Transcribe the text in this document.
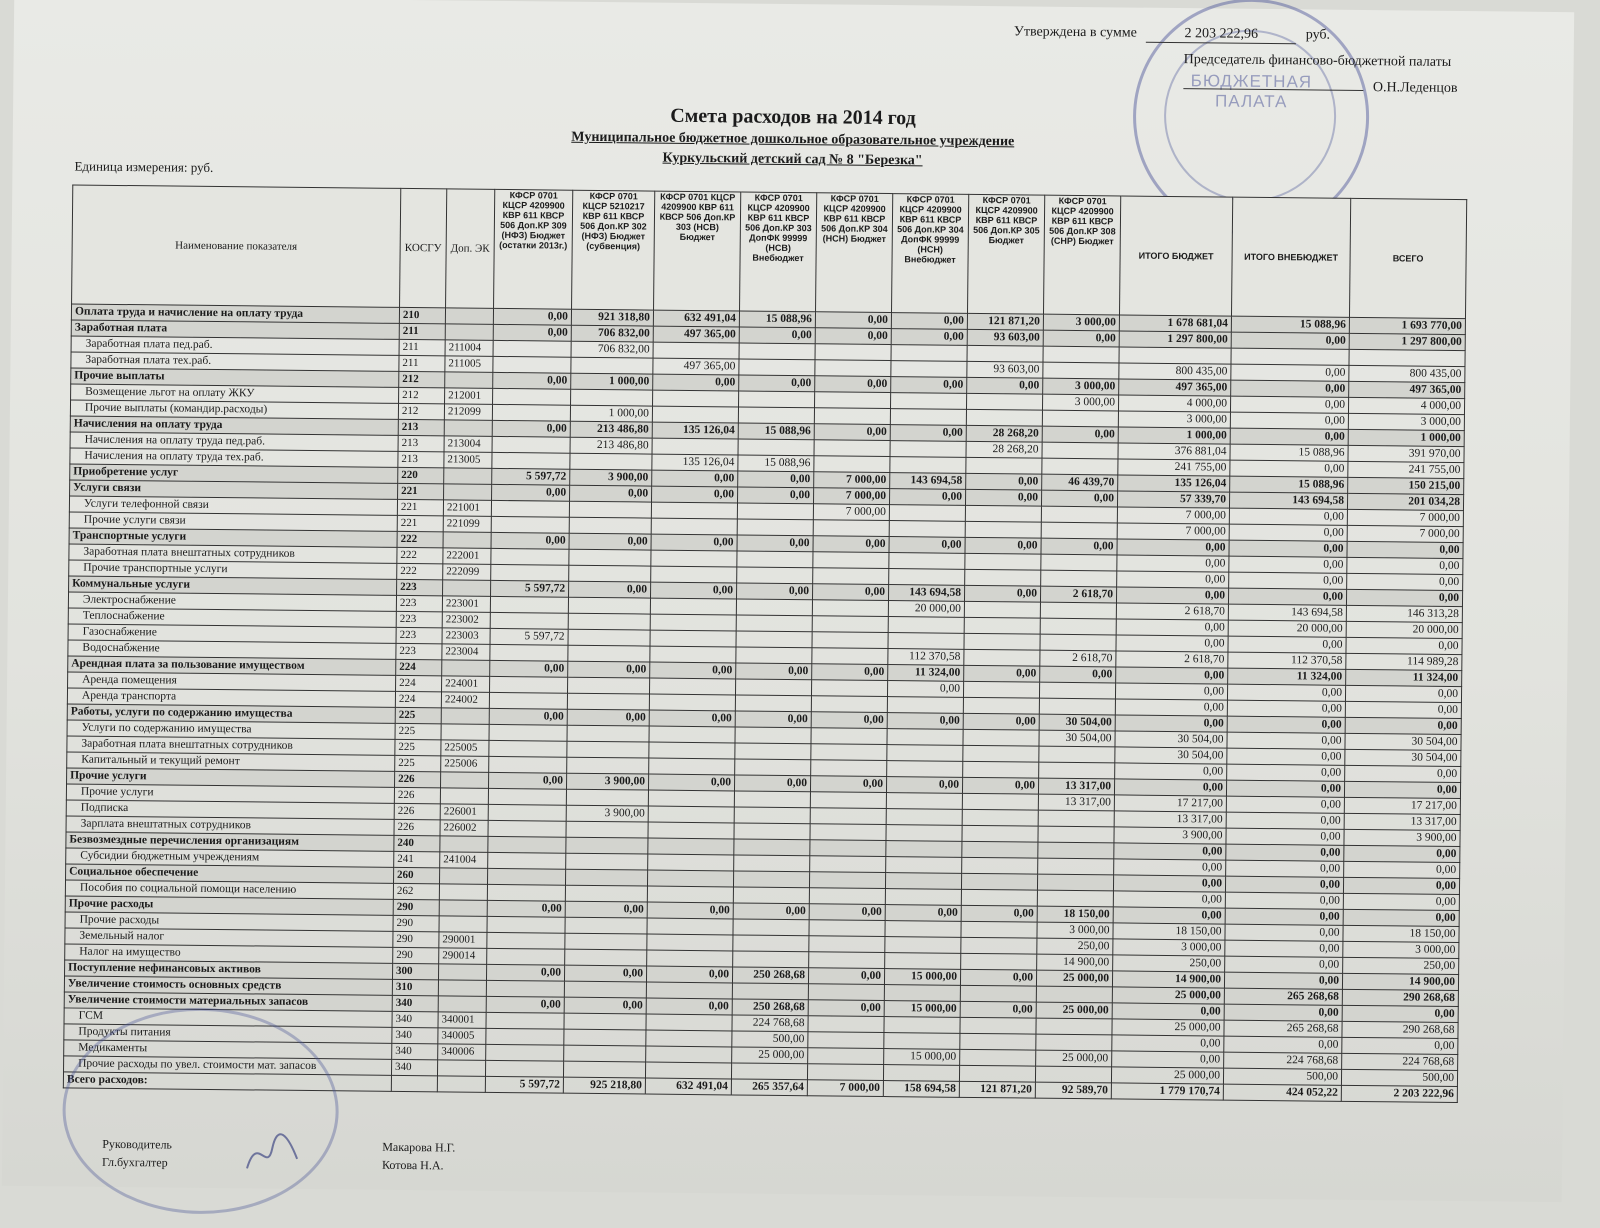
БЮДЖЕТНАЯ
ПАЛАТА
Утверждена в сумме	2 203 222,96	руб.
Председатель финансово-бюджетной палаты
О.Н.Леденцов
Смета расходов на 2014 год
Муниципальное бюджетное дошкольное образовательное учреждение
Куркульский детский сад № 8 "Березка"
Единица измерения: руб.
Наименование показателя	КОСГУ	Доп. ЭК	КФСР 0701 КЦСР 4209900 КВР 611 КВСР 506 Доп.КР 309 (НФЗ) Бюджет (остатки 2013г.)	КФСР 0701 КЦСР 5210217 КВР 611 КВСР 506 Доп.КР 302 (НФЗ) Бюджет (субвенция)	КФСР 0701 КЦСР 4209900 КВР 611 КВСР 506 Доп.КР 303 (НСВ) Бюджет	КФСР 0701 КЦСР 4209900 КВР 611 КВСР 506 Доп.КР 303 ДопФК 99999 (НСВ) Внебюджет	КФСР 0701 КЦСР 4209900 КВР 611 КВСР 506 Доп.КР 304 (НСН) Бюджет	КФСР 0701 КЦСР 4209900 КВР 611 КВСР 506 Доп.КР 304 ДопФК 99999 (НСН) Внебюджет	КФСР 0701 КЦСР 4209900 КВР 611 КВСР 506 Доп.КР 305 Бюджет	КФСР 0701 КЦСР 4209900 КВР 611 КВСР 506 Доп.КР 308 (СНР) Бюджет	ИТОГО БЮДЖЕТ	ИТОГО ВНЕБЮДЖЕТ	ВСЕГО
Оплата труда и начисление на оплату труда	210		0,00	921 318,80	632 491,04	15 088,96	0,00	0,00	121 871,20	3 000,00	1 678 681,04	15 088,96	1 693 770,00
Заработная плата	211		0,00	706 832,00	497 365,00	0,00	0,00	0,00	93 603,00	0,00	1 297 800,00	0,00	1 297 800,00
Заработная плата пед.раб.	211	211004		706 832,00									
Заработная плата тех.раб.	211	211005			497 365,00				93 603,00		800 435,00	0,00	800 435,00
Прочие выплаты	212		0,00	1 000,00	0,00	0,00	0,00	0,00	0,00	3 000,00	497 365,00	0,00	497 365,00
Возмещение льгот на оплату ЖКУ	212	212001								3 000,00	4 000,00	0,00	4 000,00
Прочие выплаты (командир.расходы)	212	212099		1 000,00							3 000,00	0,00	3 000,00
Начисления на оплату труда	213		0,00	213 486,80	135 126,04	15 088,96	0,00	0,00	28 268,20	0,00	1 000,00	0,00	1 000,00
Начисления на оплату труда пед.раб.	213	213004		213 486,80					28 268,20		376 881,04	15 088,96	391 970,00
Начисления на оплату труда тех.раб.	213	213005			135 126,04	15 088,96					241 755,00	0,00	241 755,00
Приобретение услуг	220		5 597,72	3 900,00	0,00	0,00	7 000,00	143 694,58	0,00	46 439,70	135 126,04	15 088,96	150 215,00
Услуги связи	221		0,00	0,00	0,00	0,00	7 000,00	0,00	0,00	0,00	57 339,70	143 694,58	201 034,28
Услуги телефонной связи	221	221001					7 000,00				7 000,00	0,00	7 000,00
Прочие услуги связи	221	221099									7 000,00	0,00	7 000,00
Транспортные услуги	222		0,00	0,00	0,00	0,00	0,00	0,00	0,00	0,00	0,00	0,00	0,00
Заработная плата внештатных сотрудников	222	222001									0,00	0,00	0,00
Прочие транспортные услуги	222	222099									0,00	0,00	0,00
Коммунальные услуги	223		5 597,72	0,00	0,00	0,00	0,00	143 694,58	0,00	2 618,70	0,00	0,00	0,00
Электроснабжение	223	223001						20 000,00			2 618,70	143 694,58	146 313,28
Теплоснабжение	223	223002									0,00	20 000,00	20 000,00
Газоснабжение	223	223003	5 597,72								0,00	0,00	0,00
Водоснабжение	223	223004						112 370,58		2 618,70	2 618,70	112 370,58	114 989,28
Арендная плата за пользование имуществом	224		0,00	0,00	0,00	0,00	0,00	11 324,00	0,00	0,00	0,00	11 324,00	11 324,00
Аренда помещения	224	224001						0,00			0,00	0,00	0,00
Аренда транспорта	224	224002									0,00	0,00	0,00
Работы, услуги по содержанию имущества	225		0,00	0,00	0,00	0,00	0,00	0,00	0,00	30 504,00	0,00	0,00	0,00
Услуги по содержанию имущества	225									30 504,00	30 504,00	0,00	30 504,00
Заработная плата внештатных сотрудников	225	225005									30 504,00	0,00	30 504,00
Капитальный и текущий ремонт	225	225006									0,00	0,00	0,00
Прочие услуги	226		0,00	3 900,00	0,00	0,00	0,00	0,00	0,00	13 317,00	0,00	0,00	0,00
Прочие услуги	226									13 317,00	17 217,00	0,00	17 217,00
Подписка	226	226001		3 900,00							13 317,00	0,00	13 317,00
Зарплата внештатных сотрудников	226	226002									3 900,00	0,00	3 900,00
Безвозмездные перечисления организациям	240										0,00	0,00	0,00
Субсидии бюджетным учреждениям	241	241004									0,00	0,00	0,00
Социальное обеспечение	260										0,00	0,00	0,00
Пособия по социальной помощи населению	262										0,00	0,00	0,00
Прочие расходы	290		0,00	0,00	0,00	0,00	0,00	0,00	0,00	18 150,00	0,00	0,00	0,00
Прочие расходы	290									3 000,00	18 150,00	0,00	18 150,00
Земельный налог	290	290001								250,00	3 000,00	0,00	3 000,00
Налог на имущество	290	290014								14 900,00	250,00	0,00	250,00
Поступление нефинансовых активов	300		0,00	0,00	0,00	250 268,68	0,00	15 000,00	0,00	25 000,00	14 900,00	0,00	14 900,00
Увеличение стоимость основных средств	310										25 000,00	265 268,68	290 268,68
Увеличение стоимости материальных запасов	340		0,00	0,00	0,00	250 268,68	0,00	15 000,00	0,00	25 000,00	0,00	0,00	0,00
ГСМ	340	340001				224 768,68					25 000,00	265 268,68	290 268,68
Продукты питания	340	340005				500,00					0,00	0,00	0,00
Медикаменты	340	340006				25 000,00		15 000,00		25 000,00	0,00	224 768,68	224 768,68
Прочие расходы по увел. стоимости мат. запасов	340										25 000,00	500,00	500,00
Всего расходов:			5 597,72	925 218,80	632 491,04	265 357,64	7 000,00	158 694,58	121 871,20	92 589,70	1 779 170,74	424 052,22	2 203 222,96
Руководитель	Макарова Н.Г.
Гл.бухгалтер	Котова Н.А.
